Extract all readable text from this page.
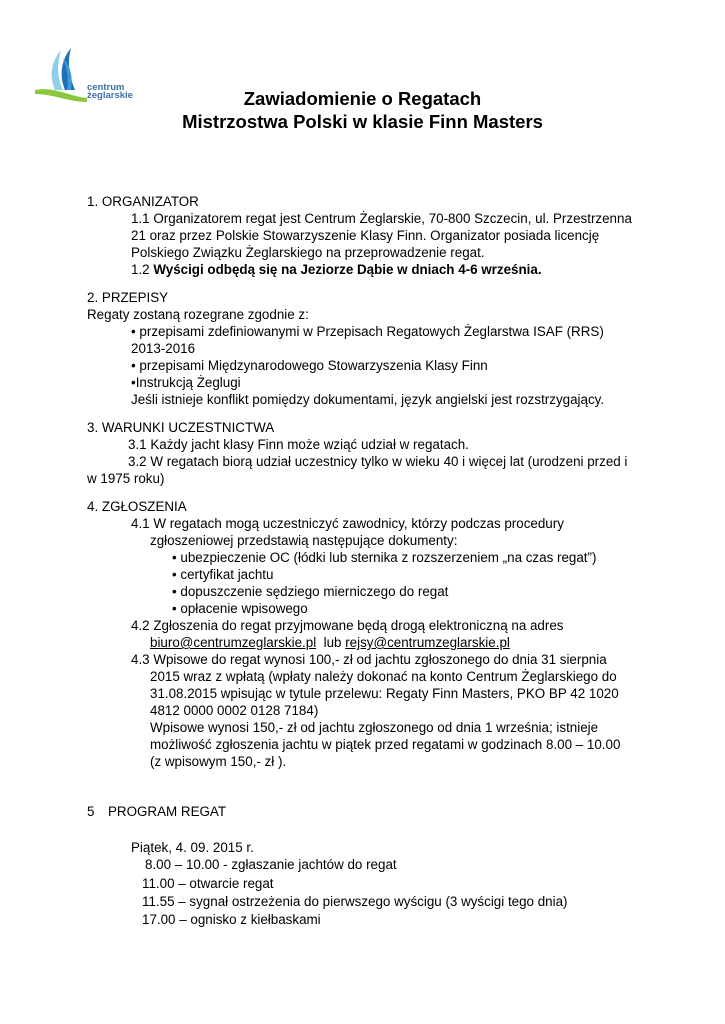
centrum
żeglarskie	Zawiadomienie o Regatach
Mistrzostwa Polski w klasie Finn Masters
1. ORGANIZATOR
1.1 Organizatorem regat jest Centrum Żeglarskie, 70-800 Szczecin, ul. Przestrzenna
21 oraz przez Polskie Stowarzyszenie Klasy Finn. Organizator posiada licencję
Polskiego Związku Żeglarskiego na przeprowadzenie regat.
1.2 Wyścigi odbędą się na Jeziorze Dąbie w dniach 4-6 września.
2. PRZEPISY
Regaty zostaną rozegrane zgodnie z:
• przepisami zdefiniowanymi w Przepisach Regatowych Żeglarstwa ISAF (RRS)
2013-2016
• przepisami Międzynarodowego Stowarzyszenia Klasy Finn
•Instrukcją Żeglugi
Jeśli istnieje konflikt pomiędzy dokumentami, język angielski jest rozstrzygający.
3. WARUNKI UCZESTNICTWA
3.1 Każdy jacht klasy Finn może wziąć udział w regatach.
3.2 W regatach biorą udział uczestnicy tylko w wieku 40 i więcej lat (urodzeni przed i
w 1975 roku)
4. ZGŁOSZENIA
4.1 W regatach mogą uczestniczyć zawodnicy, którzy podczas procedury
zgłoszeniowej przedstawią następujące dokumenty:
• ubezpieczenie OC (łódki lub sternika z rozszerzeniem „na czas regat”)
• certyfikat jachtu
• dopuszczenie sędziego mierniczego do regat
• opłacenie wpisowego
4.2 Zgłoszenia do regat przyjmowane będą drogą elektroniczną na adres
biuro@centrumzeglarskie.pl  lub rejsy@centrumzeglarskie.pl
4.3 Wpisowe do regat wynosi 100,- zł od jachtu zgłoszonego do dnia 31 sierpnia
2015 wraz z wpłatą (wpłaty należy dokonać na konto Centrum Żeglarskiego do
31.08.2015 wpisując w tytule przelewu: Regaty Finn Masters, PKO BP 42 1020
4812 0000 0002 0128 7184)
Wpisowe wynosi 150,- zł od jachtu zgłoszonego od dnia 1 września; istnieje
możliwość zgłoszenia jachtu w piątek przed regatami w godzinach 8.00 – 10.00
(z wpisowym 150,- zł ).
5 PROGRAM REGAT
Piątek, 4. 09. 2015 r.
8.00 – 10.00 - zgłaszanie jachtów do regat
11.00 – otwarcie regat
11.55 – sygnał ostrzeżenia do pierwszego wyścigu (3 wyścigi tego dnia)
17.00 – ognisko z kiełbaskami
